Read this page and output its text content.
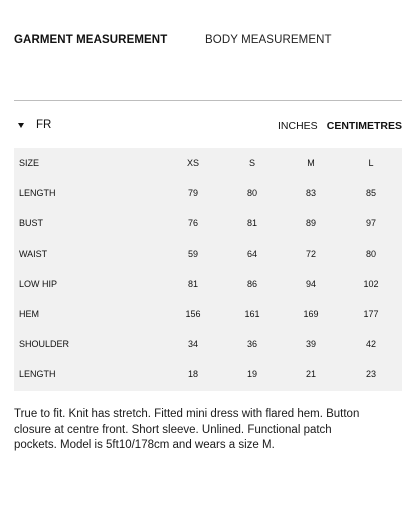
GARMENT MEASUREMENT	BODY MEASUREMENT
FR	INCHES CENTIMETRES
SIZE	XS	S	M	L
LENGTH	79	80	83	85
BUST	76	81	89	97
WAIST	59	64	72	80
LOW HIP	81	86	94	102
HEM	156	161	169	177
SHOULDER	34	36	39	42
LENGTH	18	19	21	23

True to fit. Knit has stretch. Fitted mini dress with flared hem. Button closure at centre front. Short sleeve. Unlined. Functional patch pockets. Model is 5ft10/178cm and wears a size M.
